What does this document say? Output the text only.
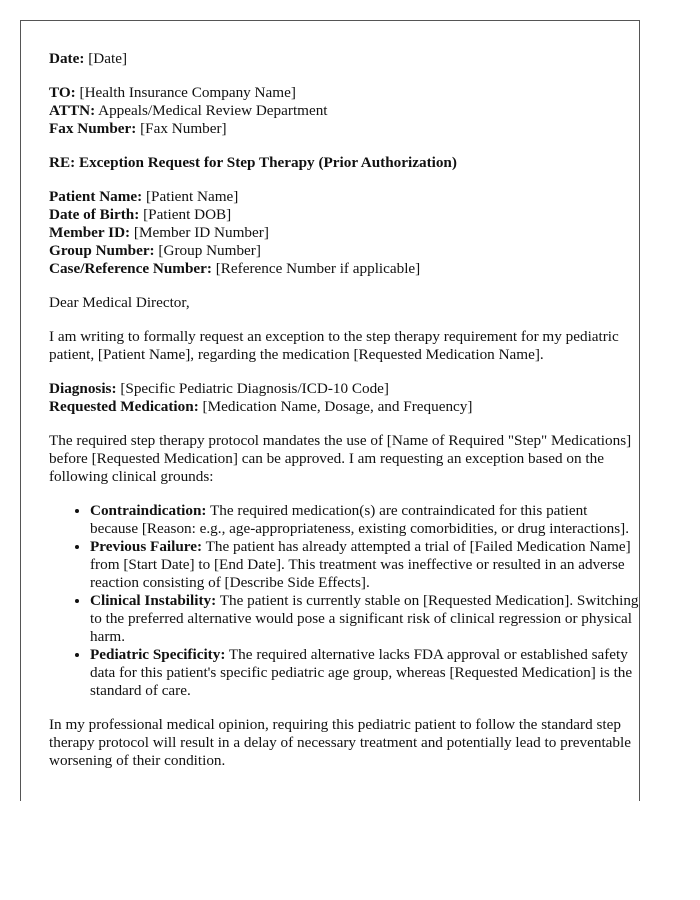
Date: [Date]

TO: [Health Insurance Company Name]
ATTN: Appeals/Medical Review Department
Fax Number: [Fax Number]

RE: Exception Request for Step Therapy (Prior Authorization)

Patient Name: [Patient Name]
Date of Birth: [Patient DOB]
Member ID: [Member ID Number]
Group Number: [Group Number]
Case/Reference Number: [Reference Number if applicable]

Dear Medical Director,

I am writing to formally request an exception to the step therapy requirement for my pediatric patient, [Patient Name], regarding the medication [Requested Medication Name].

Diagnosis: [Specific Pediatric Diagnosis/ICD-10 Code]
Requested Medication: [Medication Name, Dosage, and Frequency]

The required step therapy protocol mandates the use of [Name of Required "Step" Medications] before [Requested Medication] can be approved. I am requesting an exception based on the following clinical grounds:

• Contraindication: The required medication(s) are contraindicated for this patient because [Reason: e.g., age-appropriateness, existing comorbidities, or drug interactions].
• Previous Failure: The patient has already attempted a trial of [Failed Medication Name] from [Start Date] to [End Date]. This treatment was ineffective or resulted in an adverse reaction consisting of [Describe Side Effects].
• Clinical Instability: The patient is currently stable on [Requested Medication]. Switching to the preferred alternative would pose a significant risk of clinical regression or physical harm.
• Pediatric Specificity: The required alternative lacks FDA approval or established safety data for this patient's specific pediatric age group, whereas [Requested Medication] is the standard of care.

In my professional medical opinion, requiring this pediatric patient to follow the standard step therapy protocol will result in a delay of necessary treatment and potentially lead to preventable worsening of their condition.
